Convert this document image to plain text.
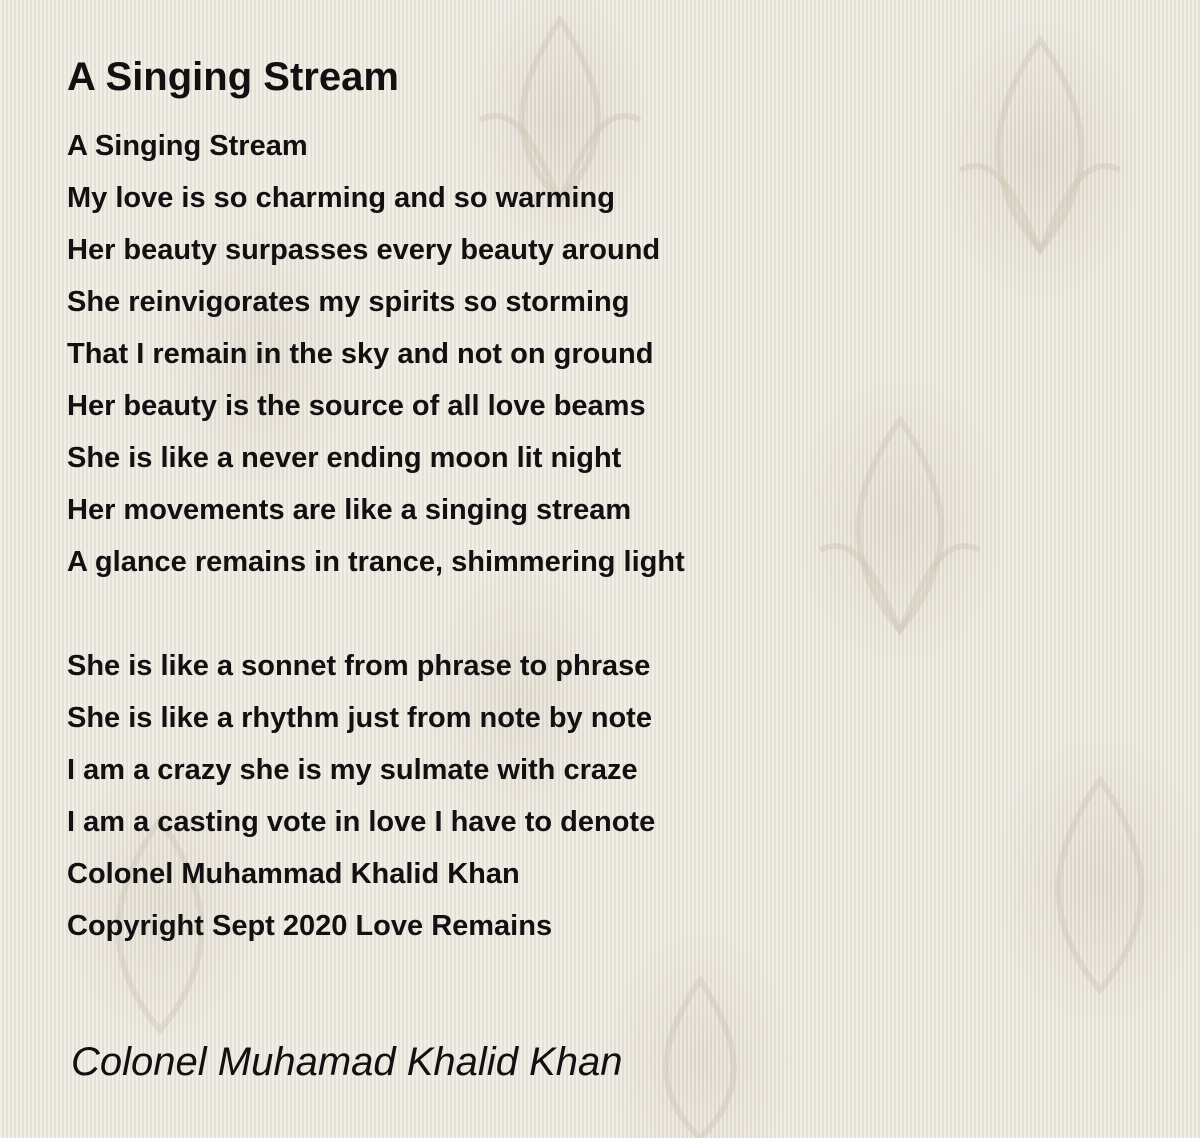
A Singing Stream
A Singing Stream
My love is so charming and so warming
Her beauty surpasses every beauty around
She reinvigorates my spirits so storming
That I remain in the sky and not on ground
Her beauty is the source of all love beams
She is like a never ending moon lit night
Her movements are like a singing stream
A glance remains in trance, shimmering light
She is like a sonnet from phrase to phrase
She is like a rhythm just from note by note
I am a crazy she is my sulmate with craze
I am a casting vote in love I have to denote
Colonel Muhammad Khalid Khan
Copyright Sept 2020 Love Remains
Colonel Muhamad Khalid Khan
